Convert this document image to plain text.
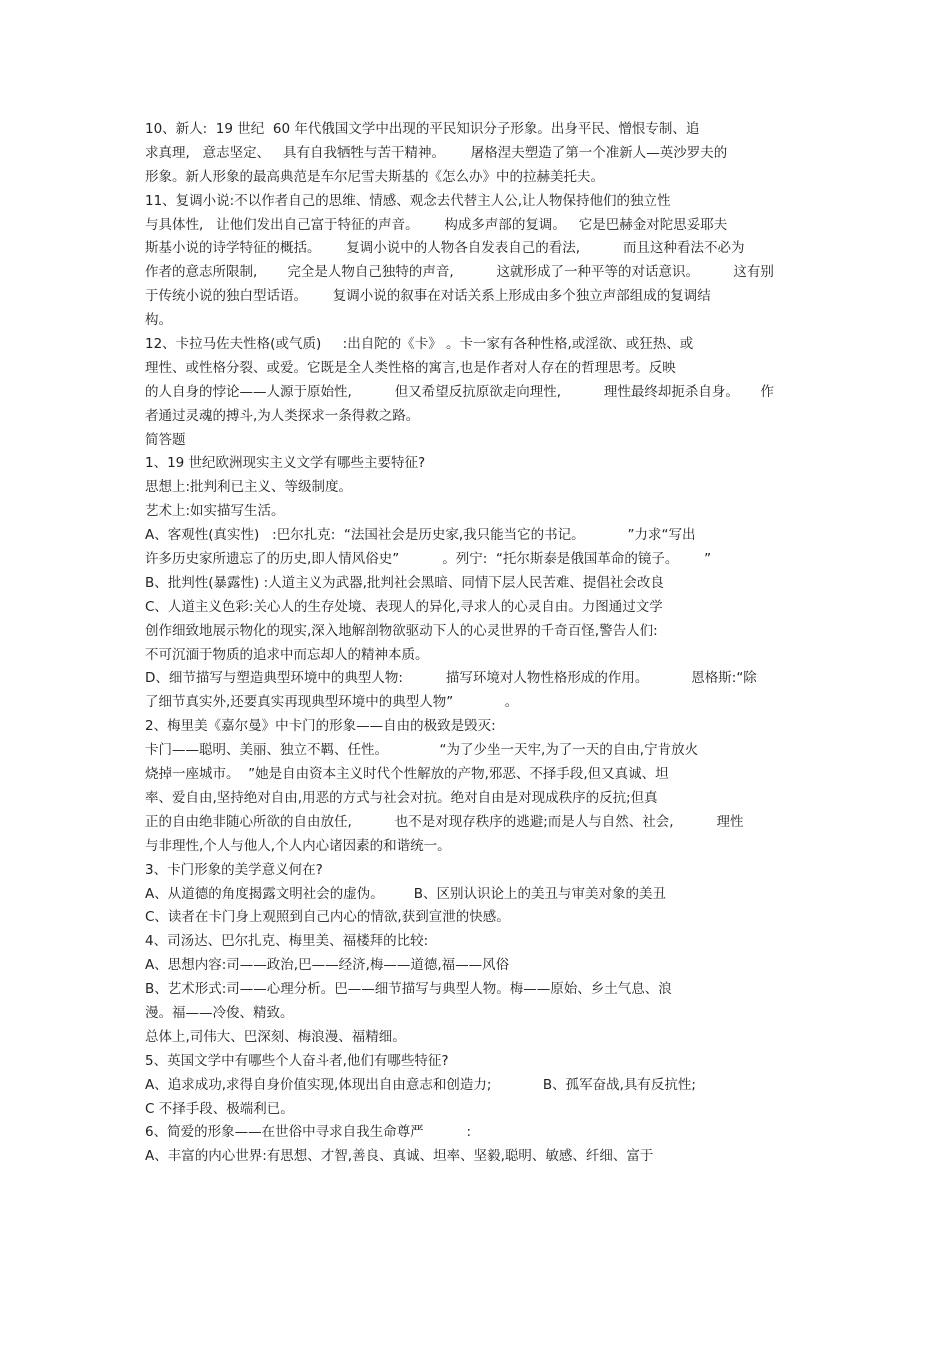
10、新人:  19 世纪  60 年代俄国文学中出现的平民知识分子形象。出身平民、憎恨专制、追
求真理,   意志坚定、   具有自我牺牲与苦干精神。      屠格涅夫塑造了第一个准新人—英沙罗夫的
形象。新人形象的最高典范是车尔尼雪夫斯基的《怎么办》中的拉赫美托夫。
11、复调小说:不以作者自己的思维、情感、观念去代替主人公,让人物保持他们的独立性
与具体性,   让他们发出自己富于特征的声音。      构成多声部的复调。   它是巴赫金对陀思妥耶夫
斯基小说的诗学特征的概括。      复调小说中的人物各自发表自己的看法,          而且这种看法不必为
作者的意志所限制,       完全是人物自己独特的声音,          这就形成了一种平等的对话意识。        这有别
于传统小说的独白型话语。      复调小说的叙事在对话关系上形成由多个独立声部组成的复调结
构。
12、卡拉马佐夫性格(或气质)     :出自陀的《卡》 。卡一家有各种性格,或淫欲、或狂热、或
理性、或性格分裂、或爱。它既是全人类性格的寓言,也是作者对人存在的哲理思考。反映
的人自身的悖论——人源于原始性,          但又希望反抗原欲走向理性,          理性最终却扼杀自身。     作
者通过灵魂的搏斗,为人类探求一条得救之路。
简答题
1、19 世纪欧洲现实主义文学有哪些主要特征?
思想上:批判利已主义、等级制度。
艺术上:如实描写生活。
A、客观性(真实性)   :巴尔扎克:  “法国社会是历史家,我只能当它的书记。          ”力求“写出
许多历史家所遗忘了的历史,即人情风俗史”          。列宁:  “托尔斯泰是俄国革命的镜子。      ”
B、批判性(暴露性) :人道主义为武器,批判社会黑暗、同情下层人民苦难、提倡社会改良
C、人道主义色彩:关心人的生存处境、表现人的异化,寻求人的心灵自由。力图通过文学
创作细致地展示物化的现实,深入地解剖物欲驱动下人的心灵世界的千奇百怪,警告人们:
不可沉湎于物质的追求中而忘却人的精神本质。
D、细节描写与塑造典型环境中的典型人物:          描写环境对人物性格形成的作用。          恩格斯:“除
了细节真实外,还要真实再现典型环境中的典型人物”            。
2、梅里美《嘉尔曼》中卡门的形象——自由的极致是毁灭:
卡门——聪明、美丽、独立不羁、任性。            “为了少坐一天牢,为了一天的自由,宁肯放火
烧掉一座城市。  ”她是自由资本主义时代个性解放的产物,邪恶、不择手段,但又真诚、坦
率、爱自由,坚持绝对自由,用恶的方式与社会对抗。绝对自由是对现成秩序的反抗;但真
正的自由绝非随心所欲的自由放任,          也不是对现存秩序的逃避;而是人与自然、社会,          理性
与非理性,个人与他人,个人内心诸因素的和谐统一。
3、卡门形象的美学意义何在?
A、从道德的角度揭露文明社会的虚伪。       B、区别认识论上的美丑与审美对象的美丑
C、读者在卡门身上观照到自己内心的情欲,获到宣泄的快感。
4、司汤达、巴尔扎克、梅里美、福楼拜的比较:
A、思想内容:司——政治,巴——经济,梅——道德,福——风俗
B、艺术形式:司——心理分析。巴——细节描写与典型人物。梅——原始、乡土气息、浪
漫。福——冷俊、精致。
总体上,司伟大、巴深刻、梅浪漫、福精细。
5、英国文学中有哪些个人奋斗者,他们有哪些特征?
A、追求成功,求得自身价值实现,体现出自由意志和创造力;            B、孤军奋战,具有反抗性;
C 不择手段、极端利已。
6、简爱的形象——在世俗中寻求自我生命尊严          :
A、丰富的内心世界:有思想、才智,善良、真诚、坦率、坚毅,聪明、敏感、纤细、富于
